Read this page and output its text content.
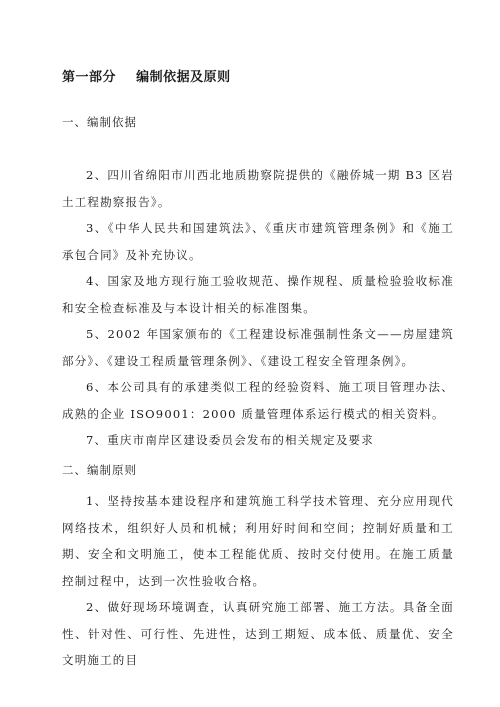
第一部分    编制依据及原则
一、编制依据
2、四川省绵阳市川西北地质勘察院提供的《融侨城一期 B3 区岩土工程勘察报告》。
3、《中华人民共和国建筑法》、《重庆市建筑管理条例》和《施工承包合同》及补充协议。
4、国家及地方现行施工验收规范、操作规程、质量检验验收标准和安全检查标准及与本设计相关的标准图集。
5、2002 年国家颁布的《工程建设标准强制性条文——房屋建筑部分》、《建设工程质量管理条例》、《建设工程安全管理条例》。
6、本公司具有的承建类似工程的经验资料、施工项目管理办法、成熟的企业 ISO9001：2000 质量管理体系运行模式的相关资料。
7、重庆市南岸区建设委员会发布的相关规定及要求
二、编制原则
1、坚持按基本建设程序和建筑施工科学技术管理、充分应用现代网络技术，组织好人员和机械；利用好时间和空间；控制好质量和工期、安全和文明施工，使本工程能优质、按时交付使用。在施工质量控制过程中，达到一次性验收合格。
2、做好现场环境调查，认真研究施工部署、施工方法。具备全面性、针对性、可行性、先进性，达到工期短、成本低、质量优、安全文明施工的目
